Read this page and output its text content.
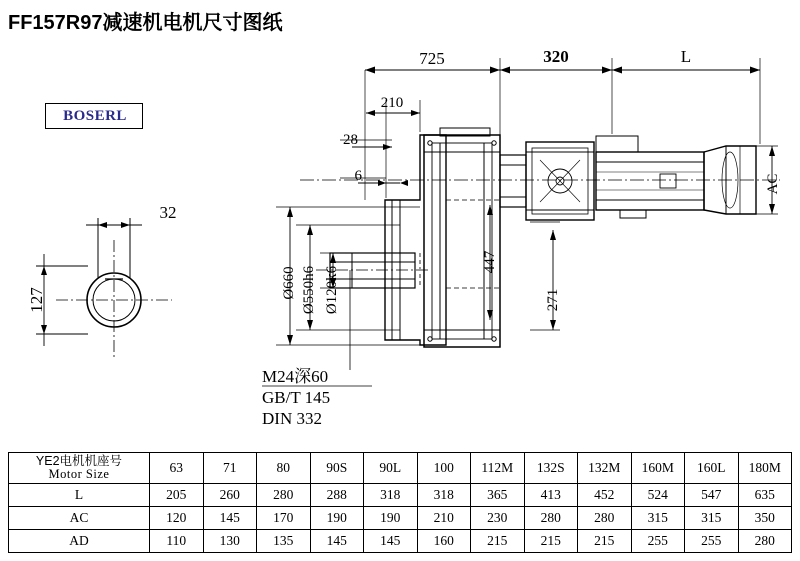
FF157R97减速机电机尺寸图纸
BOSERL
725	320	L
210
28
6
447
271
AC
Ø660 Ø550h6 Ø120k6
32
127
M24深60
GB/T 145
DIN 332
YE2电机机座号
Motor Size	63	71	80	90S	90L	100	112M	132S	132M	160M	160L	180M
L	205	260	280	288	318	318	365	413	452	524	547	635
AC	120	145	170	190	190	210	230	280	280	315	315	350
AD	110	130	135	145	145	160	215	215	215	255	255	280
